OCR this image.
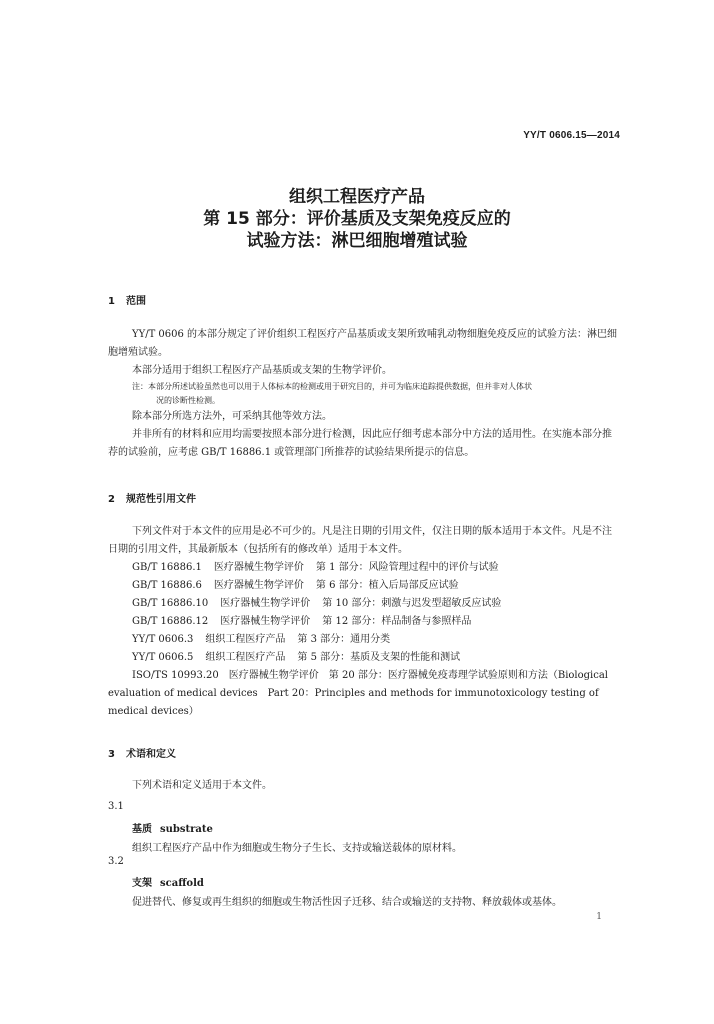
YY/T 0606.15—2014
组织工程医疗产品
第 15 部分：评价基质及支架免疫反应的
试验方法：淋巴细胞增殖试验
1 范围

YY/T 0606 的本部分规定了评价组织工程医疗产品基质或支架所致哺乳动物细胞免疫反应的试验方法：淋巴细胞增殖试验。

本部分适用于组织工程医疗产品基质或支架的生物学评价。

注：本部分所述试验虽然也可以用于人体标本的检测或用于研究目的，并可为临床追踪提供数据，但并非对人体状
况的诊断性检测。

除本部分所选方法外，可采纳其他等效方法。

并非所有的材料和应用均需要按照本部分进行检测，因此应仔细考虑本部分中方法的适用性。在实施本部分推荐的试验前，应考虑 GB/T 16886.1 或管理部门所推荐的试验结果所提示的信息。

2 规范性引用文件

下列文件对于本文件的应用是必不可少的。凡是注日期的引用文件，仅注日期的版本适用于本文件。凡是不注日期的引用文件，其最新版本（包括所有的修改单）适用于本文件。

GB/T 16886.1 医疗器械生物学评价 第 1 部分：风险管理过程中的评价与试验
GB/T 16886.6 医疗器械生物学评价 第 6 部分：植入后局部反应试验
GB/T 16886.10 医疗器械生物学评价 第 10 部分：刺激与迟发型超敏反应试验
GB/T 16886.12 医疗器械生物学评价 第 12 部分：样品制备与参照样品
YY/T 0606.3 组织工程医疗产品 第 3 部分：通用分类
YY/T 0606.5 组织工程医疗产品 第 5 部分：基质及支架的性能和测试

ISO/TS 10993.20　医疗器械生物学评价　第 20 部分：医疗器械免疫毒理学试验原则和方法（Biological evaluation of medical devices　Part 20：Principles and methods for immunotoxicology testing of medical devices）

3 术语和定义

下列术语和定义适用于本文件。

3.1
基质 substrate
组织工程医疗产品中作为细胞或生物分子生长、支持或输送载体的原材料。
3.2
支架 scaffold
促进替代、修复或再生组织的细胞或生物活性因子迁移、结合或输送的支持物、释放载体或基体。
1
